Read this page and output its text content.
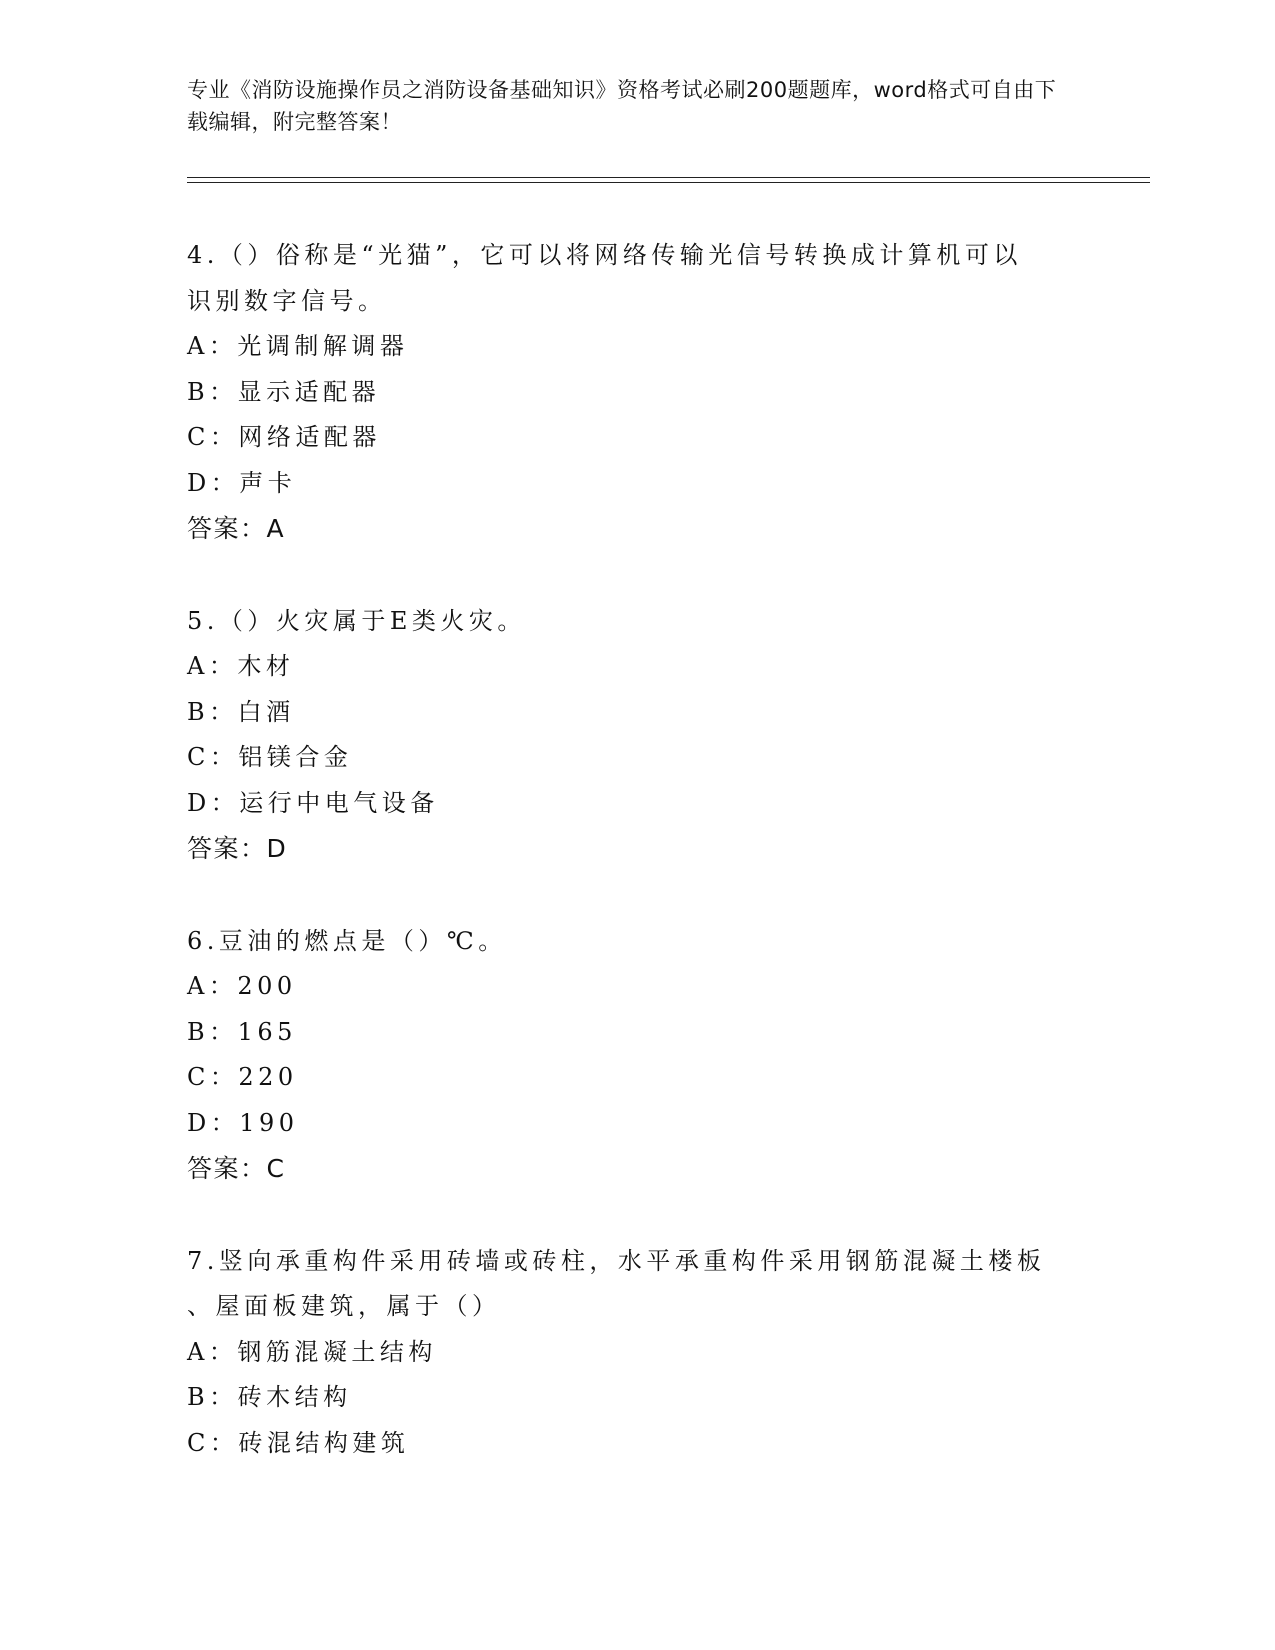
专业《消防设施操作员之消防设备基础知识》资格考试必刷200题题库，word格式可自由下载编辑，附完整答案！

4.（）俗称是“光猫”，它可以将网络传输光信号转换成计算机可以

识别数字信号。

A：光调制解调器

B：显示适配器

C：网络适配器

D：声卡

答案：A

5.（）火灾属于E类火灾。

A：木材

B：白酒

C：铝镁合金

D：运行中电气设备

答案：D

6.豆油的燃点是（）℃。

A：200

B：165

C：220

D：190

答案：C

7.竖向承重构件采用砖墙或砖柱，水平承重构件采用钢筋混凝土楼板

、屋面板建筑，属于（）

A：钢筋混凝土结构

B：砖木结构

C：砖混结构建筑
